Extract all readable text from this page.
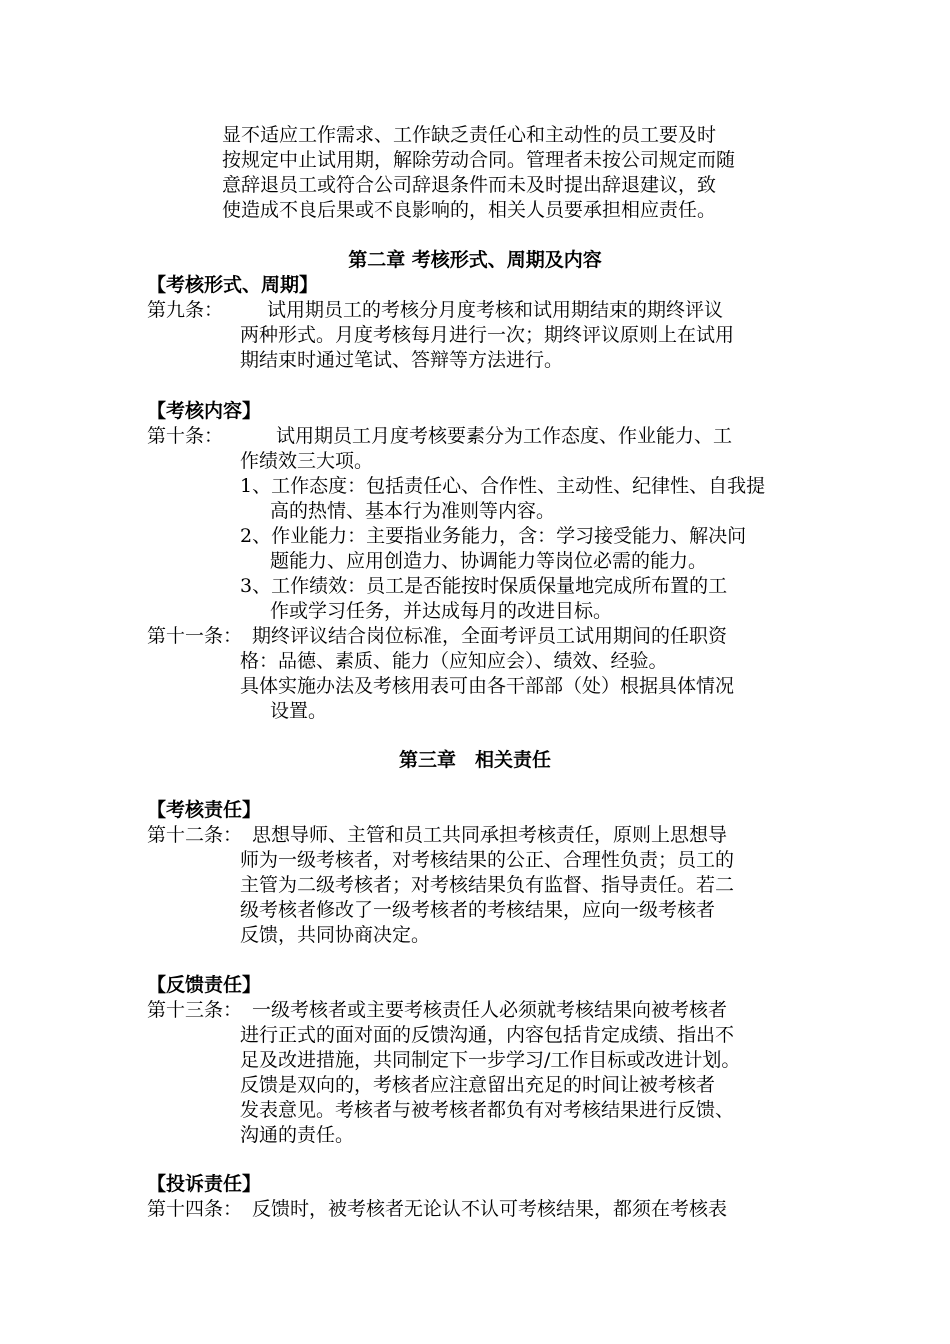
显不适应工作需求、工作缺乏责任心和主动性的员工要及时
按规定中止试用期，解除劳动合同。管理者未按公司规定而随
意辞退员工或符合公司辞退条件而未及时提出辞退建议，致
使造成不良后果或不良影响的，相关人员要承担相应责任。
第二章 考核形式、周期及内容
【考核形式、周期】
第九条： 试用期员工的考核分月度考核和试用期结束的期终评议
两种形式。月度考核每月进行一次；期终评议原则上在试用
期结束时通过笔试、答辩等方法进行。
【考核内容】
第十条：	试用期员工月度考核要素分为工作态度、作业能力、工
作绩效三大项。
1、工作态度：包括责任心、合作性、主动性、纪律性、自我提
高的热情、基本行为准则等内容。
2、作业能力：主要指业务能力，含：学习接受能力、解决问
题能力、应用创造力、协调能力等岗位必需的能力。
3、工作绩效：员工是否能按时保质保量地完成所布置的工
作或学习任务，并达成每月的改进目标。
第十一条： 期终评议结合岗位标准，全面考评员工试用期间的任职资
格：品德、素质、能力（应知应会）、绩效、经验。
具体实施办法及考核用表可由各干部部（处）根据具体情况
设置。
第三章　相关责任
【考核责任】
第十二条： 思想导师、主管和员工共同承担考核责任，原则上思想导
师为一级考核者，对考核结果的公正、合理性负责；员工的
主管为二级考核者；对考核结果负有监督、指导责任。若二
级考核者修改了一级考核者的考核结果，应向一级考核者
反馈，共同协商决定。
【反馈责任】
第十三条： 一级考核者或主要考核责任人必须就考核结果向被考核者
进行正式的面对面的反馈沟通，内容包括肯定成绩、指出不
足及改进措施，共同制定下一步学习/工作目标或改进计划。
反馈是双向的，考核者应注意留出充足的时间让被考核者
发表意见。考核者与被考核者都负有对考核结果进行反馈、
沟通的责任。
【投诉责任】
第十四条： 反馈时，被考核者无论认不认可考核结果，都须在考核表
